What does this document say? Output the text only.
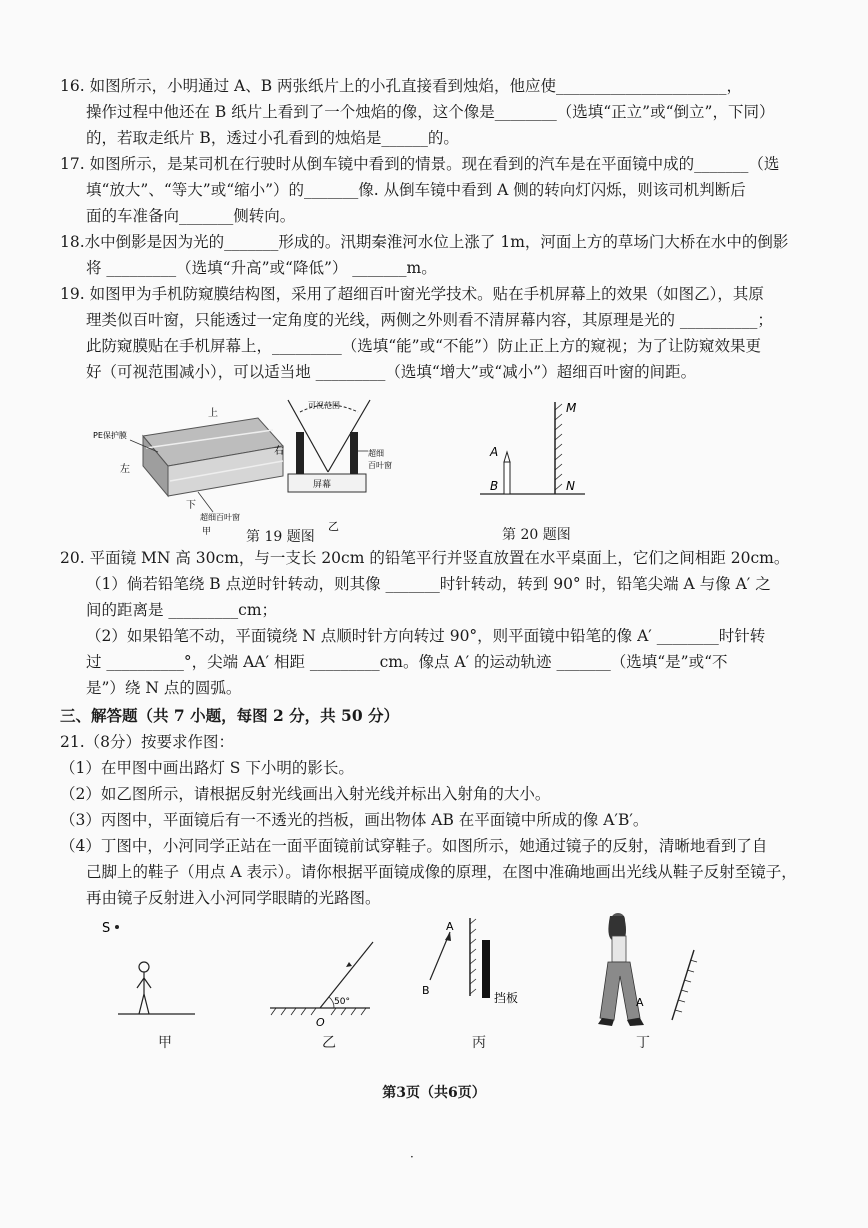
16. 如图所示，小明通过 A、B 两张纸片上的小孔直接看到烛焰，他应使______________________，
操作过程中他还在 B 纸片上看到了一个烛焰的像，这个像是________（选填“正立”或“倒立”，下同）
的，若取走纸片 B，透过小孔看到的烛焰是______的。
17. 如图所示，是某司机在行驶时从倒车镜中看到的情景。现在看到的汽车是在平面镜中成的_______（选
填“放大”、“等大”或“缩小”）的_______像. 从倒车镜中看到 A 侧的转向灯闪烁，则该司机判断后
面的车准备向_______侧转向。
18.水中倒影是因为光的_______形成的。汛期秦淮河水位上涨了 1m，河面上方的草场门大桥在水中的倒影
将 _________（选填“升高”或“降低”） _______m。
19. 如图甲为手机防窥膜结构图，采用了超细百叶窗光学技术。贴在手机屏幕上的效果（如图乙），其原
理类似百叶窗，只能透过一定角度的光线，两侧之外则看不清屏幕内容，其原理是光的 __________；
此防窥膜贴在手机屏幕上，_________（选填“能”或“不能”）防止正上方的窥视；为了让防窥效果更
好（可视范围减小），可以适当地 _________（选填“增大”或“减小”）超细百叶窗的间距。
上
PE保护膜
左
右
下
超细百叶窗
甲
屏幕
可视范围
超细
百叶窗
乙
第 19 题图
A
B
M
N
第 20 题图
20. 平面镜 MN 高 30cm，与一支长 20cm 的铅笔平行并竖直放置在水平桌面上，它们之间相距 20cm。
（1）倘若铅笔绕 B 点逆时针转动，则其像 _______时针转动，转到 90° 时，铅笔尖端 A 与像 A′ 之
间的距离是 _________cm；
（2）如果铅笔不动，平面镜绕 N 点顺时针方向转过 90°，则平面镜中铅笔的像 A′ ________时针转
过 __________°，尖端 AA′ 相距 _________cm。像点 A′ 的运动轨迹 _______（选填“是”或“不
是”）绕 N 点的圆弧。
三、解答题（共 7 小题，每图 2 分，共 50 分）
21.（8分）按要求作图：
（1）在甲图中画出路灯 S 下小明的影长。
（2）如乙图所示，请根据反射光线画出入射光线并标出入射角的大小。
（3）丙图中，平面镜后有一不透光的挡板，画出物体 AB 在平面镜中所成的像 A′B′。
（4）丁图中，小河同学正站在一面平面镜前试穿鞋子。如图所示，她通过镜子的反射，清晰地看到了自
己脚上的鞋子（用点 A 表示）。请你根据平面镜成像的原理，在图中准确地画出光线从鞋子反射至镜子，
再由镜子反射进入小河同学眼睛的光路图。
S
50°
O
A
B
挡板	A
甲	乙	丙	丁
第3页（共6页）
·
